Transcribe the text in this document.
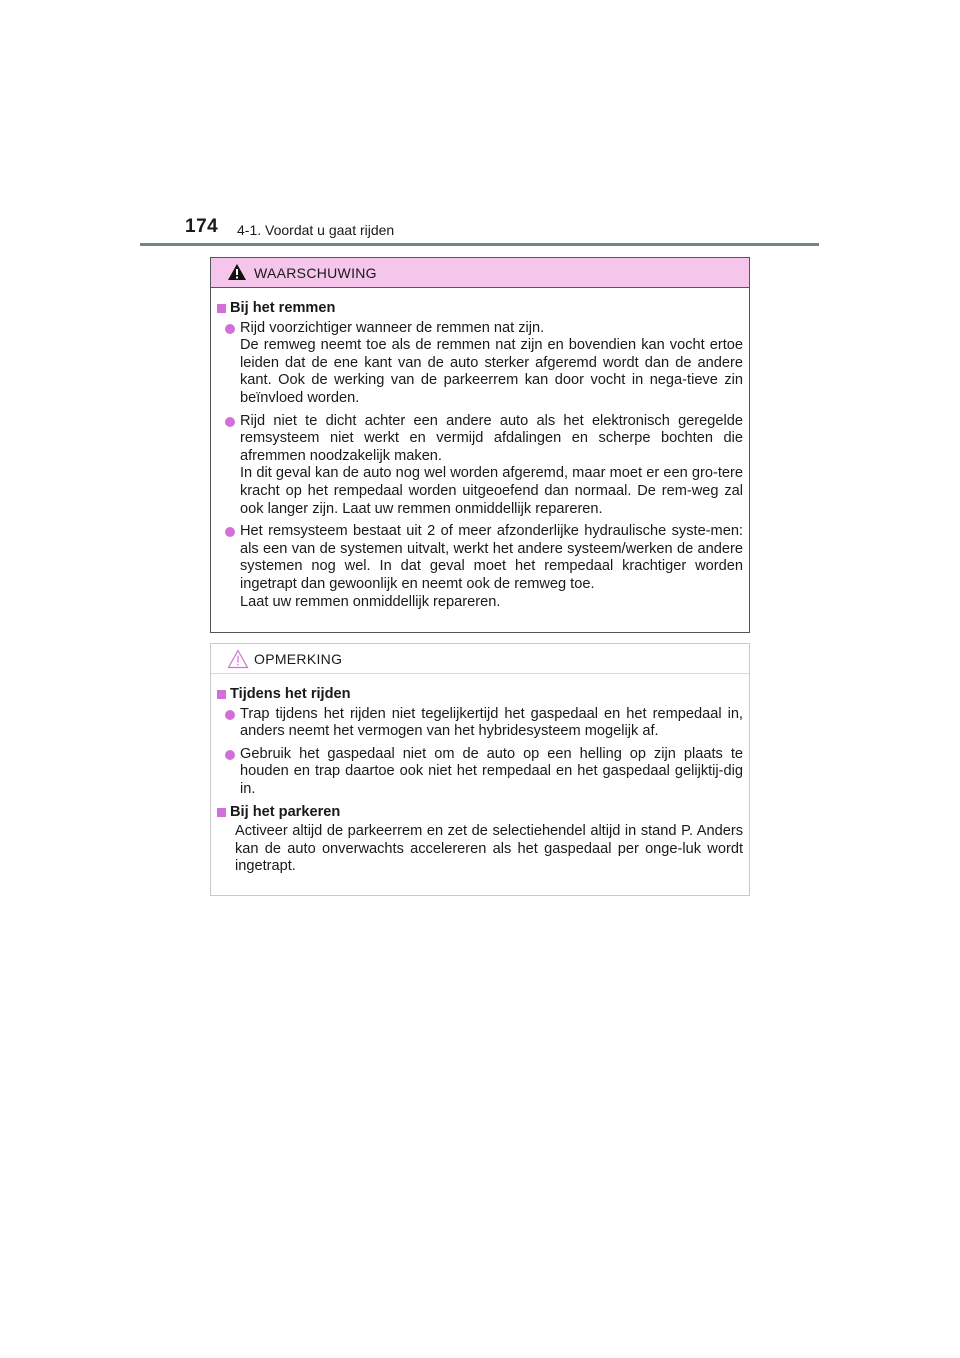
174 4-1. Voordat u gaat rijden
WAARSCHUWING
Bij het remmen

Rijd voorzichtiger wanneer de remmen nat zijn.

De remweg neemt toe als de remmen nat zijn en bovendien kan vocht ertoe leiden dat de ene kant van de auto sterker afgeremd wordt dan de andere kant. Ook de werking van de parkeerrem kan door vocht in nega-tieve zin beïnvloed worden.

Rijd niet te dicht achter een andere auto als het elektronisch geregelde remsysteem niet werkt en vermijd afdalingen en scherpe bochten die afremmen noodzakelijk maken.

In dit geval kan de auto nog wel worden afgeremd, maar moet er een gro-tere kracht op het rempedaal worden uitgeoefend dan normaal. De rem-weg zal ook langer zijn. Laat uw remmen onmiddellijk repareren.

Het remsysteem bestaat uit 2 of meer afzonderlijke hydraulische syste-men: als een van de systemen uitvalt, werkt het andere systeem/werken de andere systemen nog wel. In dat geval moet het rempedaal krachtiger worden ingetrapt dan gewoonlijk en neemt ook de remweg toe.

Laat uw remmen onmiddellijk repareren.

OPMERKING
Tijdens het rijden

Trap tijdens het rijden niet tegelijkertijd het gaspedaal en het rempedaal in, anders neemt het vermogen van het hybridesysteem mogelijk af.

Gebruik het gaspedaal niet om de auto op een helling op zijn plaats te houden en trap daartoe ook niet het rempedaal en het gaspedaal gelijktij-dig in.

Bij het parkeren

Activeer altijd de parkeerrem en zet de selectiehendel altijd in stand P. Anders kan de auto onverwachts accelereren als het gaspedaal per onge-luk wordt ingetrapt.
